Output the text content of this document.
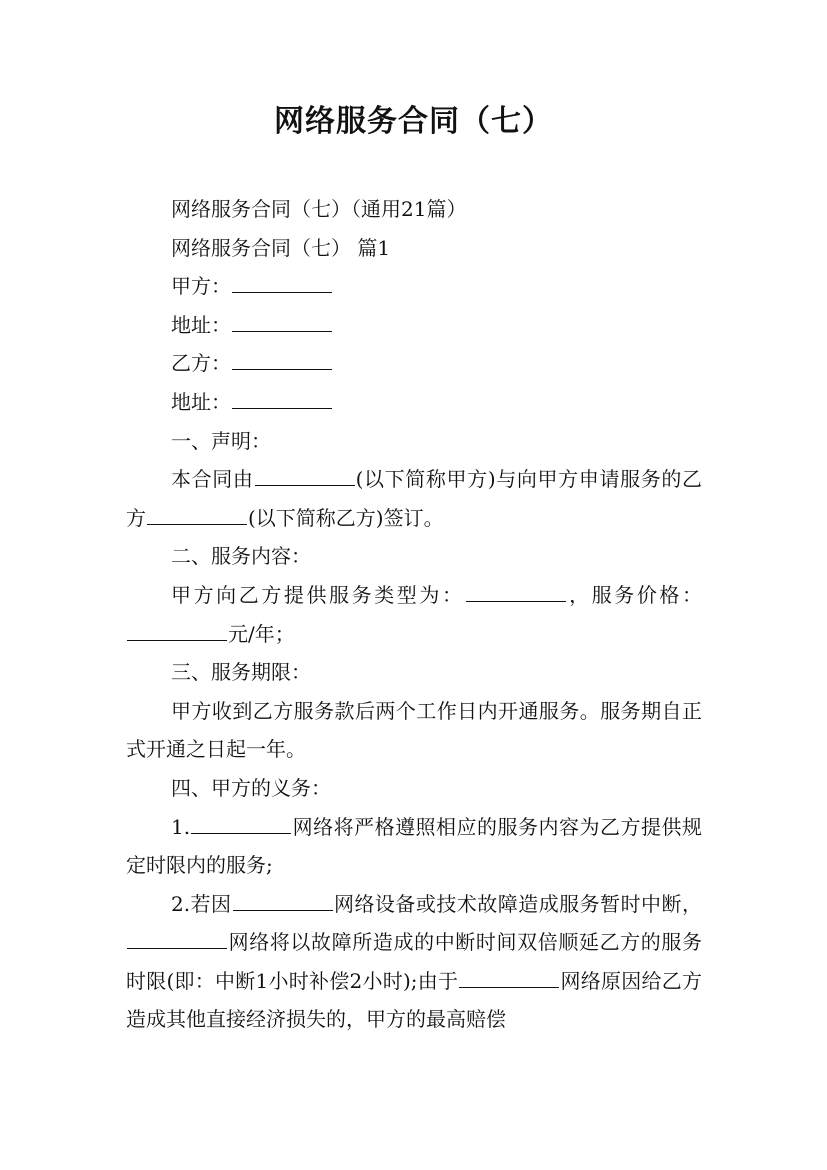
网络服务合同（七）

网络服务合同（七）（通用21篇）

网络服务合同（七） 篇1

甲方：

地址：

乙方：

地址：

一、声明：

本合同由	(以下简称甲方)与向甲方申请服务的乙方	(以下简称乙方)签订。

二、服务内容：

甲方向乙方提供服务类型为：	，服务价格：元/年；

三、服务期限：

甲方收到乙方服务款后两个工作日内开通服务。服务期自正式开通之日起一年。

四、甲方的义务：

1.	网络将严格遵照相应的服务内容为乙方提供规定时限内的服务;

2.若因	网络设备或技术故障造成服务暂时中断，网络将以故障所造成的中断时间双倍顺延乙方的服务时限(即：中断1小时补偿2小时);由于	网络原因给乙方造成其他直接经济损失的，甲方的最高赔偿
